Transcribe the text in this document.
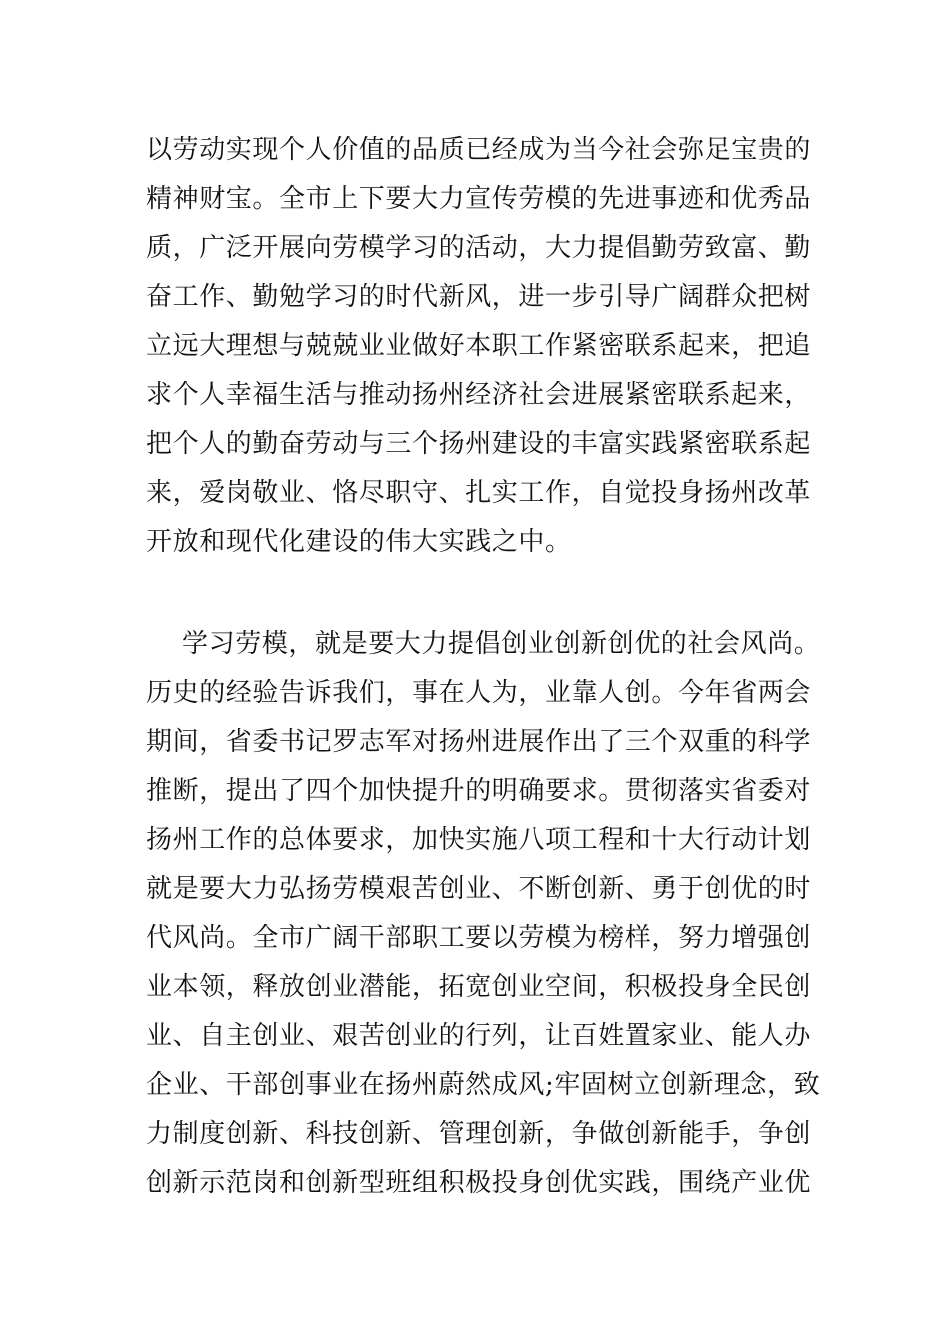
以劳动实现个人价值的品质已经成为当今社会弥足宝贵的
精神财宝。全市上下要大力宣传劳模的先进事迹和优秀品
质，广泛开展向劳模学习的活动，大力提倡勤劳致富、勤
奋工作、勤勉学习的时代新风，进一步引导广阔群众把树
立远大理想与兢兢业业做好本职工作紧密联系起来，把追
求个人幸福生活与推动扬州经济社会进展紧密联系起来，
把个人的勤奋劳动与三个扬州建设的丰富实践紧密联系起
来，爱岗敬业、恪尽职守、扎实工作，自觉投身扬州改革
开放和现代化建设的伟大实践之中。
学习劳模，就是要大力提倡创业创新创优的社会风尚。
历史的经验告诉我们，事在人为，业靠人创。今年省两会
期间，省委书记罗志军对扬州进展作出了三个双重的科学
推断，提出了四个加快提升的明确要求。贯彻落实省委对
扬州工作的总体要求，加快实施八项工程和十大行动计划
就是要大力弘扬劳模艰苦创业、不断创新、勇于创优的时
代风尚。全市广阔干部职工要以劳模为榜样，努力增强创
业本领，释放创业潜能，拓宽创业空间，积极投身全民创
业、自主创业、艰苦创业的行列，让百姓置家业、能人办
企业、干部创事业在扬州蔚然成风;牢固树立创新理念，致
力制度创新、科技创新、管理创新，争做创新能手，争创
创新示范岗和创新型班组积极投身创优实践，围绕产业优
